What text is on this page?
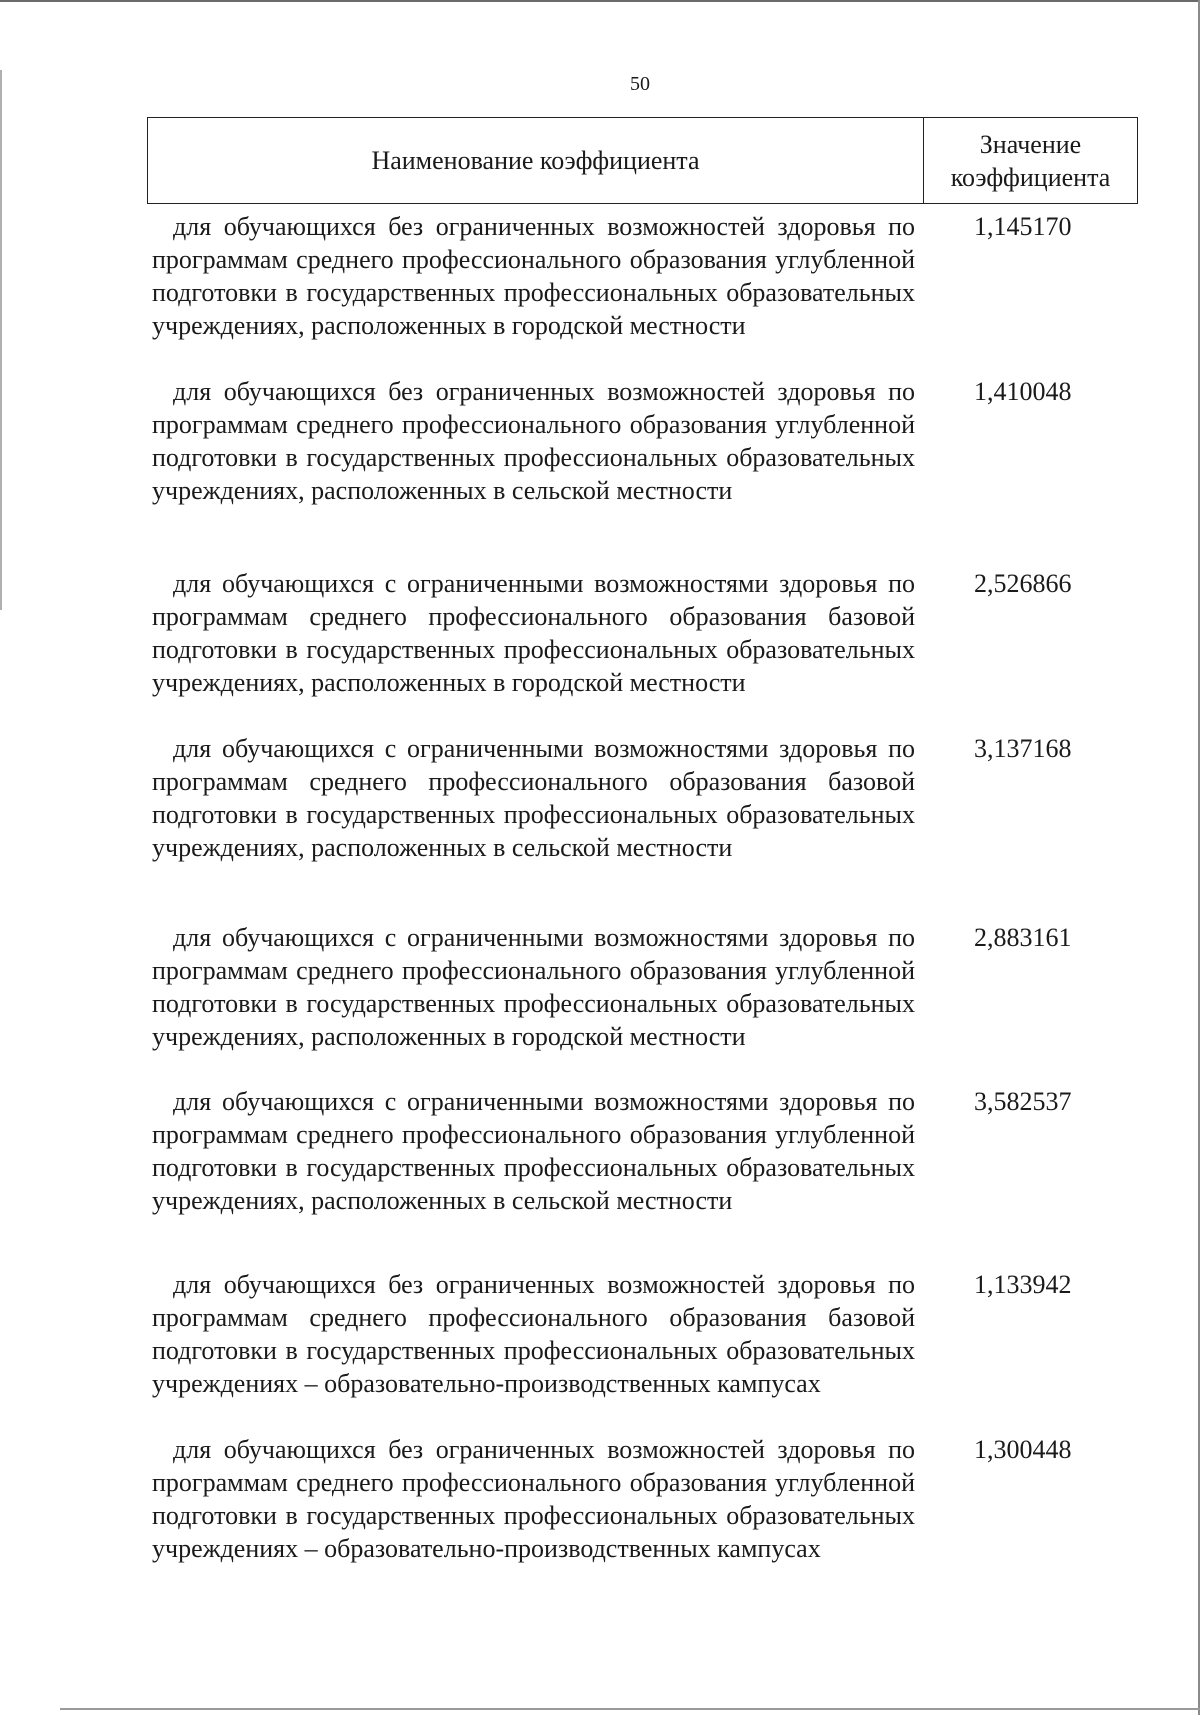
50
Наименование коэффициента
Значение коэффициента
для обучающихся без ограниченных возможностей здоровья по программам среднего профессионального образования углубленной подготовки в государственных профессиональных образовательных учреждениях, расположенных в городской местности
1,145170
для обучающихся без ограниченных возможностей здоровья по программам среднего профессионального образования углубленной подготовки в государственных профессиональных образовательных учреждениях, расположенных в сельской местности
1,410048
для обучающихся с ограниченными возможностями здоровья по программам среднего профессионального образования базовой подготовки в государственных профессиональных образовательных учреждениях, расположенных в городской местности
2,526866
для обучающихся с ограниченными возможностями здоровья по программам среднего профессионального образования базовой подготовки в государственных профессиональных образовательных учреждениях, расположенных в сельской местности
3,137168
для обучающихся с ограниченными возможностями здоровья по программам среднего профессионального образования углубленной подготовки в государственных профессиональных образовательных учреждениях, расположенных в городской местности
2,883161
для обучающихся с ограниченными возможностями здоровья по программам среднего профессионального образования углубленной подготовки в государственных профессиональных образовательных учреждениях, расположенных в сельской местности
3,582537
для обучающихся без ограниченных возможностей здоровья по программам среднего профессионального образования базовой подготовки в государственных профессиональных образовательных учреждениях – образовательно-производственных кампусах
1,133942
для обучающихся без ограниченных возможностей здоровья по программам среднего профессионального образования углубленной подготовки в государственных профессиональных образовательных учреждениях – образовательно-производственных кампусах
1,300448
